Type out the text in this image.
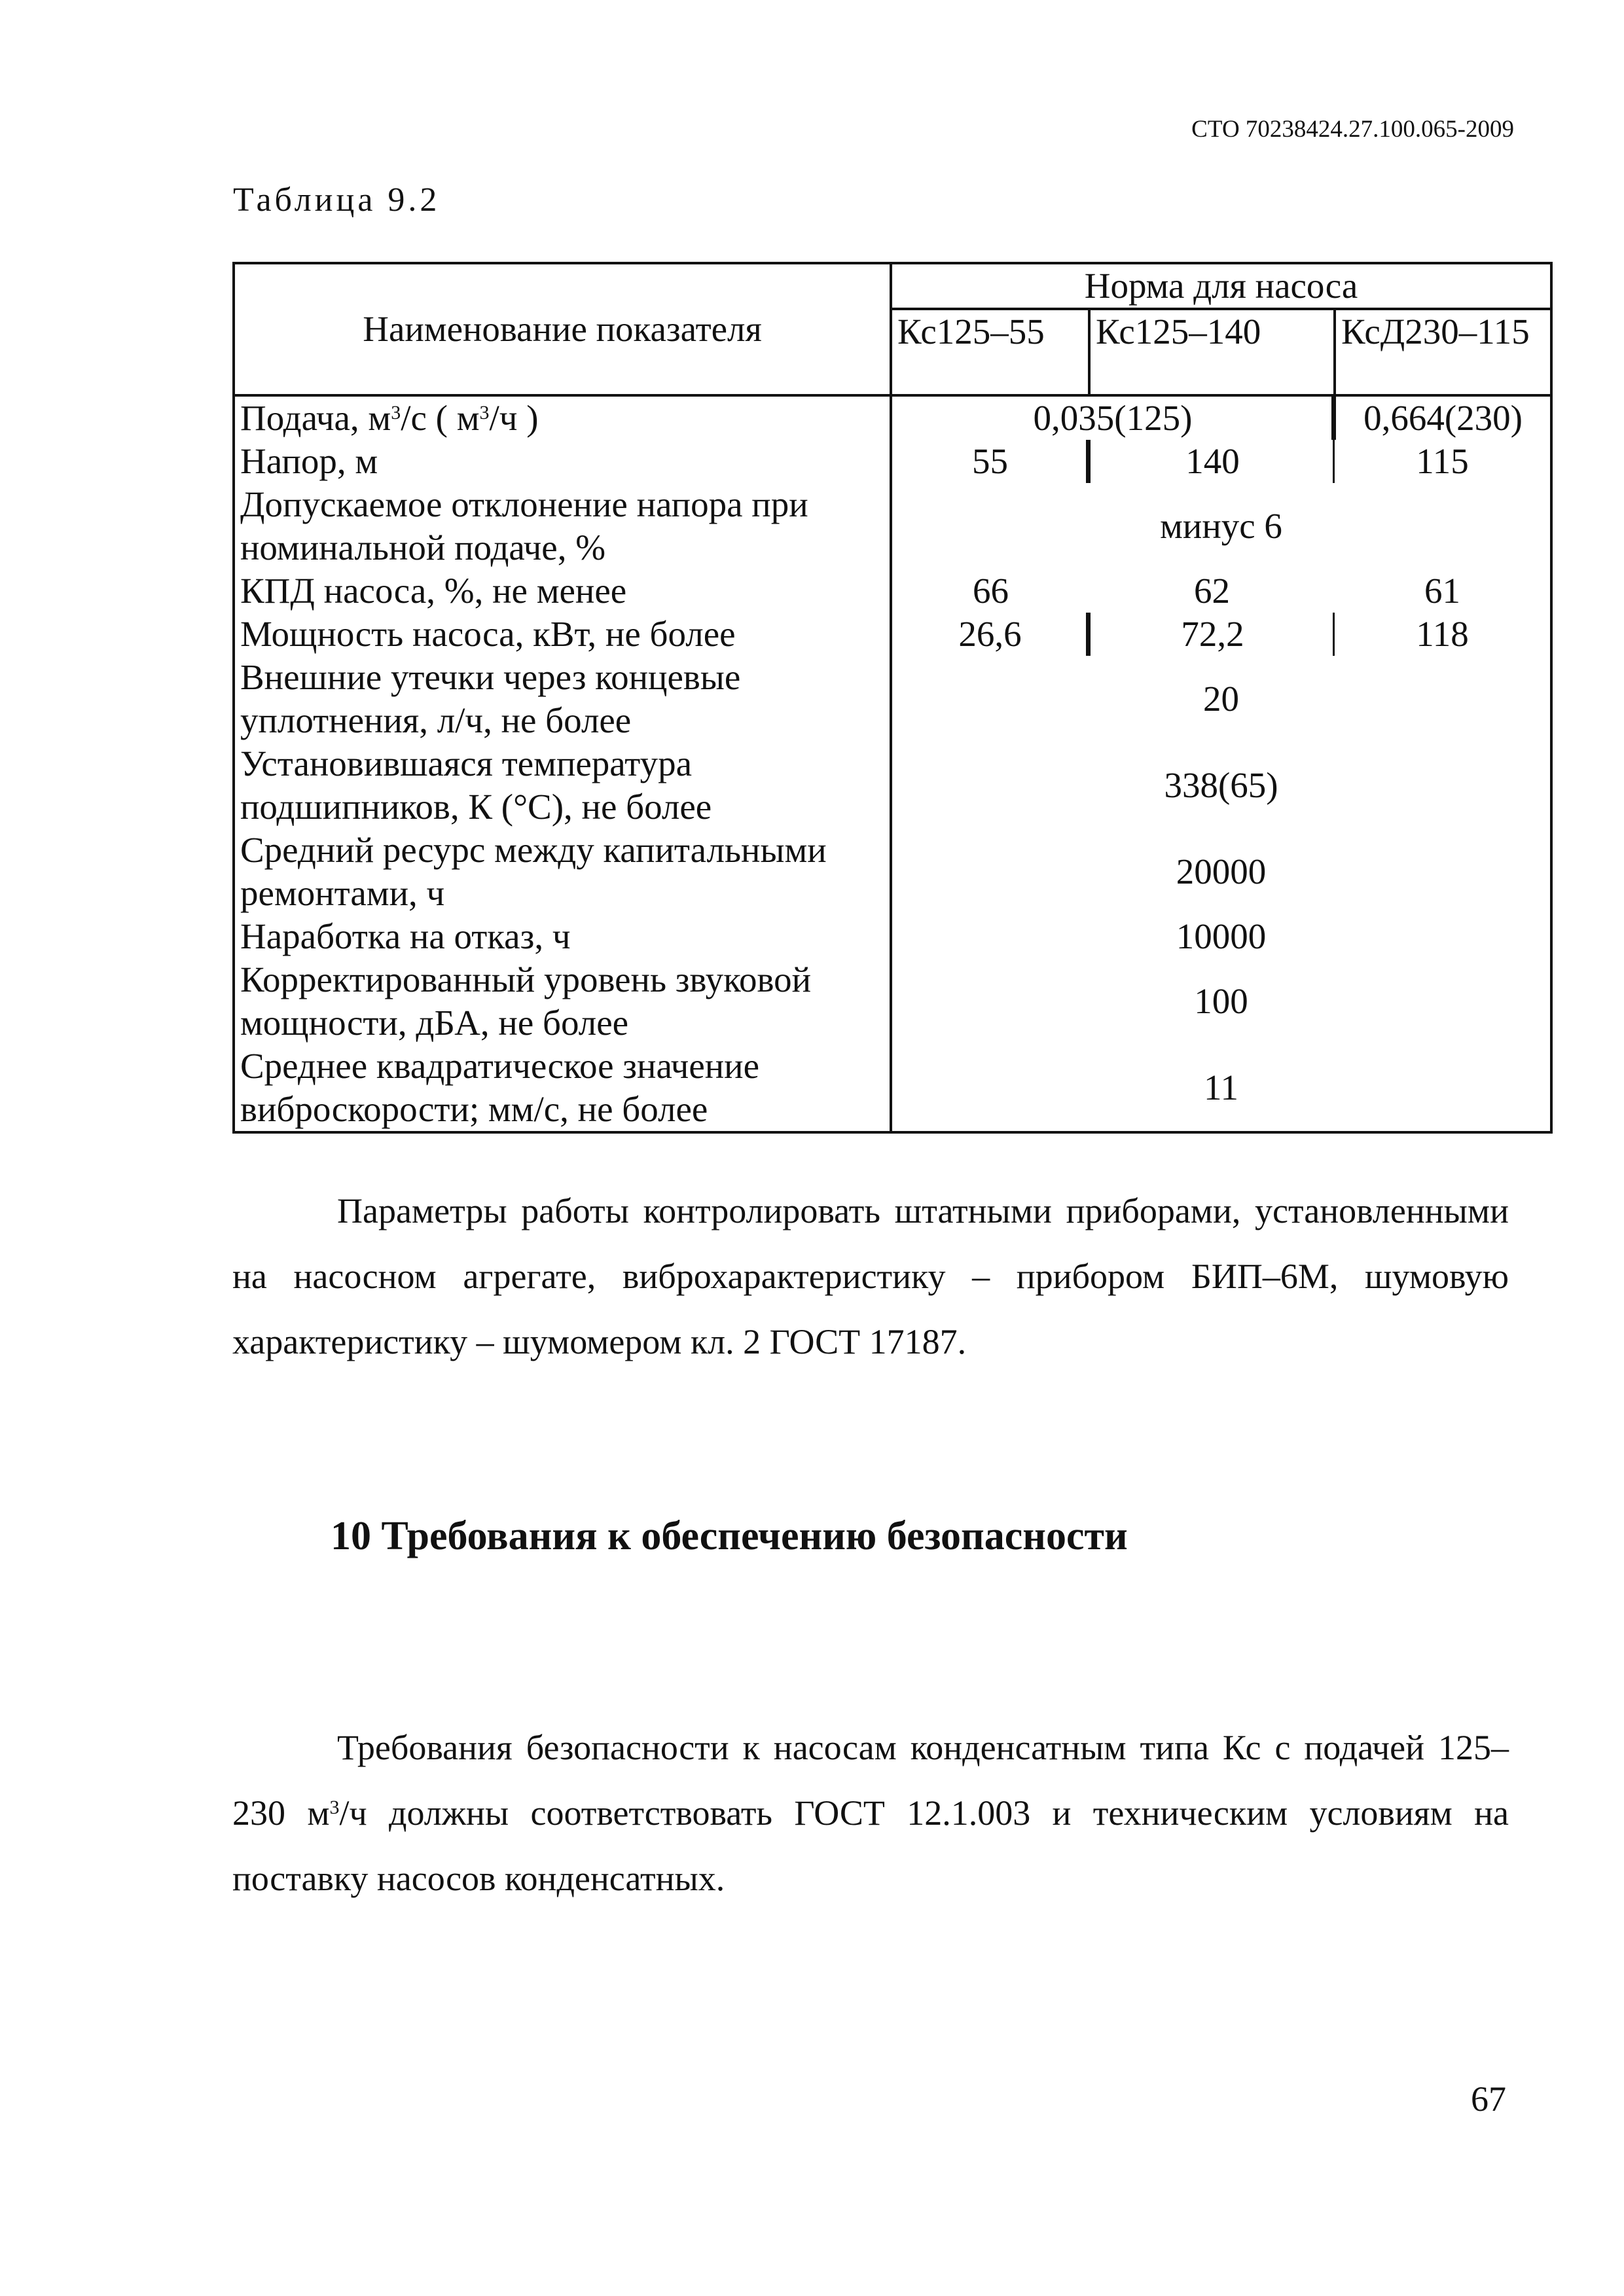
СТО 70238424.27.100.065-2009
Таблица 9.2
Наименование показателя	Норма для насоса		
	Кс125–55	Кс125–140	КсД230–115
Подача, $м^3/с$ ( $м^3/ч$ )	0,035(125)		0,664(230)
Напор, м	55	140	115
Допускаемое отклонение напора при номинальной подаче, %	минус 6		
КПД насоса, %, не менее	66	62	61
Мощность насоса, кВт, не более	26,6	72,2	118
Внешние утечки через концевые уплотнения, л/ч, не более	20		
Установившаяся температура подшипников, К (°С), не более	338(65)		
Средний ресурс между капитальными ремонтами, ч	20000		
Наработка на отказ, ч	10000		
Корректированный уровень звуковой мощности, дБА, не более	100		
Среднее квадратическое значение виброскорости; мм/с, не более	11		
Параметры работы контролировать штатными приборами, установленными на насосном агрегате, виброхарактеристику – прибором БИП–6М, шумовую характеристику – шумомером кл. 2 ГОСТ 17187.
10 Требования к обеспечению безопасности
Требования безопасности к насосам конденсатным типа Кс с подачей 125–230 $м^3/ч$ должны соответствовать ГОСТ 12.1.003 и техническим условиям на поставку насосов конденсатных.
67
